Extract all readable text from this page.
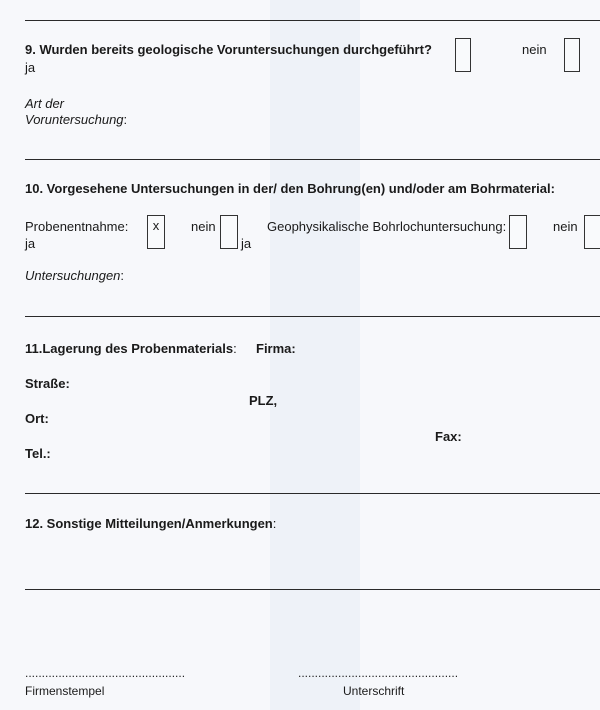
9. Wurden bereits geologische Voruntersuchungen durchgeführt?
ja
nein
Art der
Voruntersuchung:
10. Vorgesehene Untersuchungen in der/ den Bohrung(en) und/oder am Bohrmaterial:
Probenentnahme:
ja
x	nein
ja
Geophysikalische Bohrlochuntersuchung:	nein
Untersuchungen:
11.Lagerung des Probenmaterials: Firma:
Straße:
PLZ,
Ort:
Fax:
Tel.:
12. Sonstige Mitteilungen/Anmerkungen:
................................................
Firmenstempel
................................................
Unterschrift
